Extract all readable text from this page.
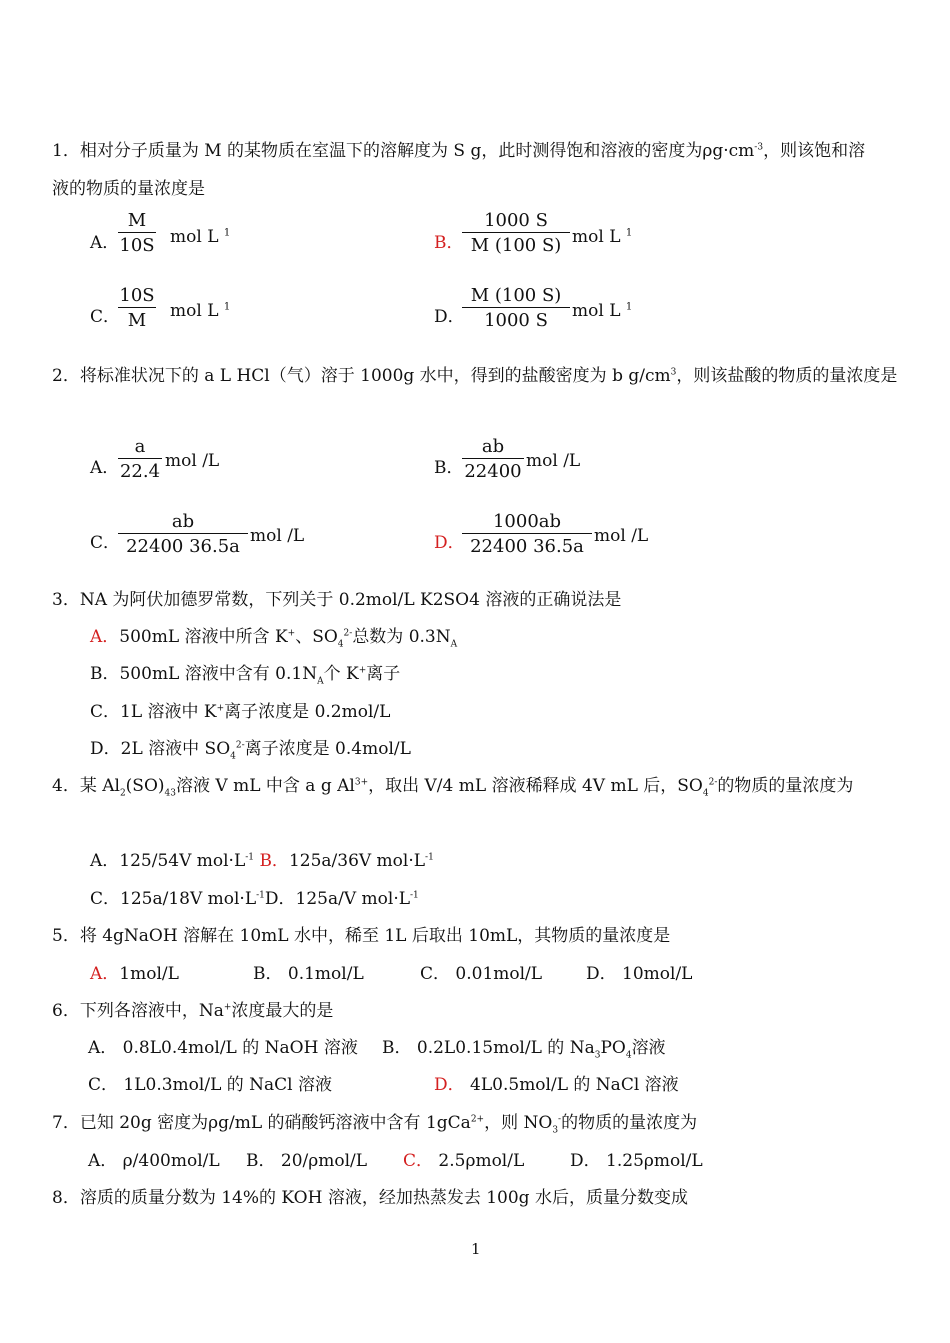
1．相对分子质量为 M 的某物质在室温下的溶解度为 S g，此时测得饱和溶液的密度为$\rho g\cdot cm^{-3}$，则该饱和溶
液的物质的量浓度是
A．
M
10S mol L $^1$
B．
1000 S
M (100 S) mol L $^1$
C．
10S
M	mol L $^1$
D．
M (100 S)
1000 S	mol L $^1$
2．将标准状况下的 a L HCl（气）溶于 1000g 水中，得到的盐酸密度为 b $g/cm^3$，则该盐酸的物质的量浓度是
A．
a
22.4 mol /L	B．
ab
22400 mol /L
C．
ab
22400 36.5a mol /L	D．
1000ab
22400 36.5a mol /L
3．NA 为阿伏加德罗常数，下列关于 0.2mol/L K2SO4 溶液的正确说法是
A．500mL 溶液中所含 K+、$SO_4^{2-}$总数为 $0.3N_A$
B．500mL 溶液中含有 $0.1N_A$个 K+离子
C．1L 溶液中 K+离子浓度是 0.2mol/L
D．2L 溶液中 $SO_4^{2-}$离子浓度是 0.4mol/L
4．某 $Al_2(SO)_{43}$溶液 V mL 中含 a g $Al^{3+}$，取出 V/4 mL 溶液稀释成 4V mL 后，$SO_4^{2-}$的物质的量浓度为
A．125/54V $mol\cdot L^{-1}$ B．125a/36V $mol\cdot L^{-1}$
C．125a/18V $mol\cdot L^{-1}D$．125a/V $mol\cdot L^{-1}$
5．将 4gNaOH 溶解在 10mL 水中，稀至 1L 后取出 10mL，其物质的量浓度是
A．1mol/L	B． 0.1mol/L	C． 0.01mol/L	D． 10mol/L
6．下列各溶液中，Na+浓度最大的是
A． 0.8L0.4mol/L 的 NaOH 溶液 B． 0.2L0.15mol/L 的 $Na_3PO_4$溶液
C． 1L0.3mol/L 的 NaCl 溶液	D． 4L0.5mol/L 的 NaCl 溶液
7．已知 20g 密度为ρg/mL 的硝酸钙溶液中含有 1gCa$^{2+}$，则 $NO_3^-$的物质的量浓度为
A． ρ/400mol/L B． 20/ρmol/L C． 2.5ρmol/L	D． 1.25ρmol/L
8．溶质的质量分数为 14%的 KOH 溶液，经加热蒸发去 100g 水后，质量分数变成
1
